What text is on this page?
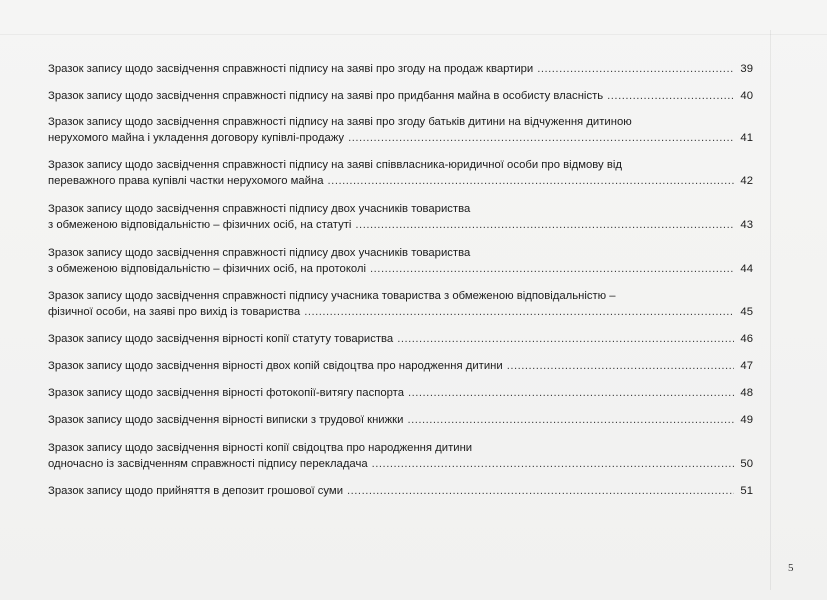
Зразок запису щодо засвідчення справжності підпису на заяві про згоду на продаж квартири .....	39
Зразок запису щодо засвідчення справжності підпису на заяві про придбання майна в особисту власність .....	40
Зразок запису щодо засвідчення справжності підпису на заяві про згоду батьків дитини на відчуження дитиною
нерухомого майна і укладення договору купівлі-продажу .....	41
Зразок запису щодо засвідчення справжності підпису на заяві співвласника-юридичної особи про відмову від
переважного права купівлі частки нерухомого майна .....	42
Зразок запису щодо засвідчення справжності підпису двох учасників товариства
з обмеженою відповідальністю – фізичних осіб, на статуті .....	43
Зразок запису щодо засвідчення справжності підпису двох учасників товариства
з обмеженою відповідальністю – фізичних осіб, на протоколі .....	44
Зразок запису щодо засвідчення справжності підпису учасника товариства з обмеженою відповідальністю –
фізичної особи, на заяві про вихід із товариства .....	45
Зразок запису щодо засвідчення вірності копії статуту товариства .....	46
Зразок запису щодо засвідчення вірності двох копій свідоцтва про народження дитини .....	47
Зразок запису щодо засвідчення вірності фотокопії-витягу паспорта .....	48
Зразок запису щодо засвідчення вірності виписки з трудової книжки .....	49
Зразок запису щодо засвідчення вірності копії свідоцтва про народження дитини
одночасно із засвідченням справжності підпису перекладача .....	50
Зразок запису щодо прийняття в депозит грошової суми .....	51
5
